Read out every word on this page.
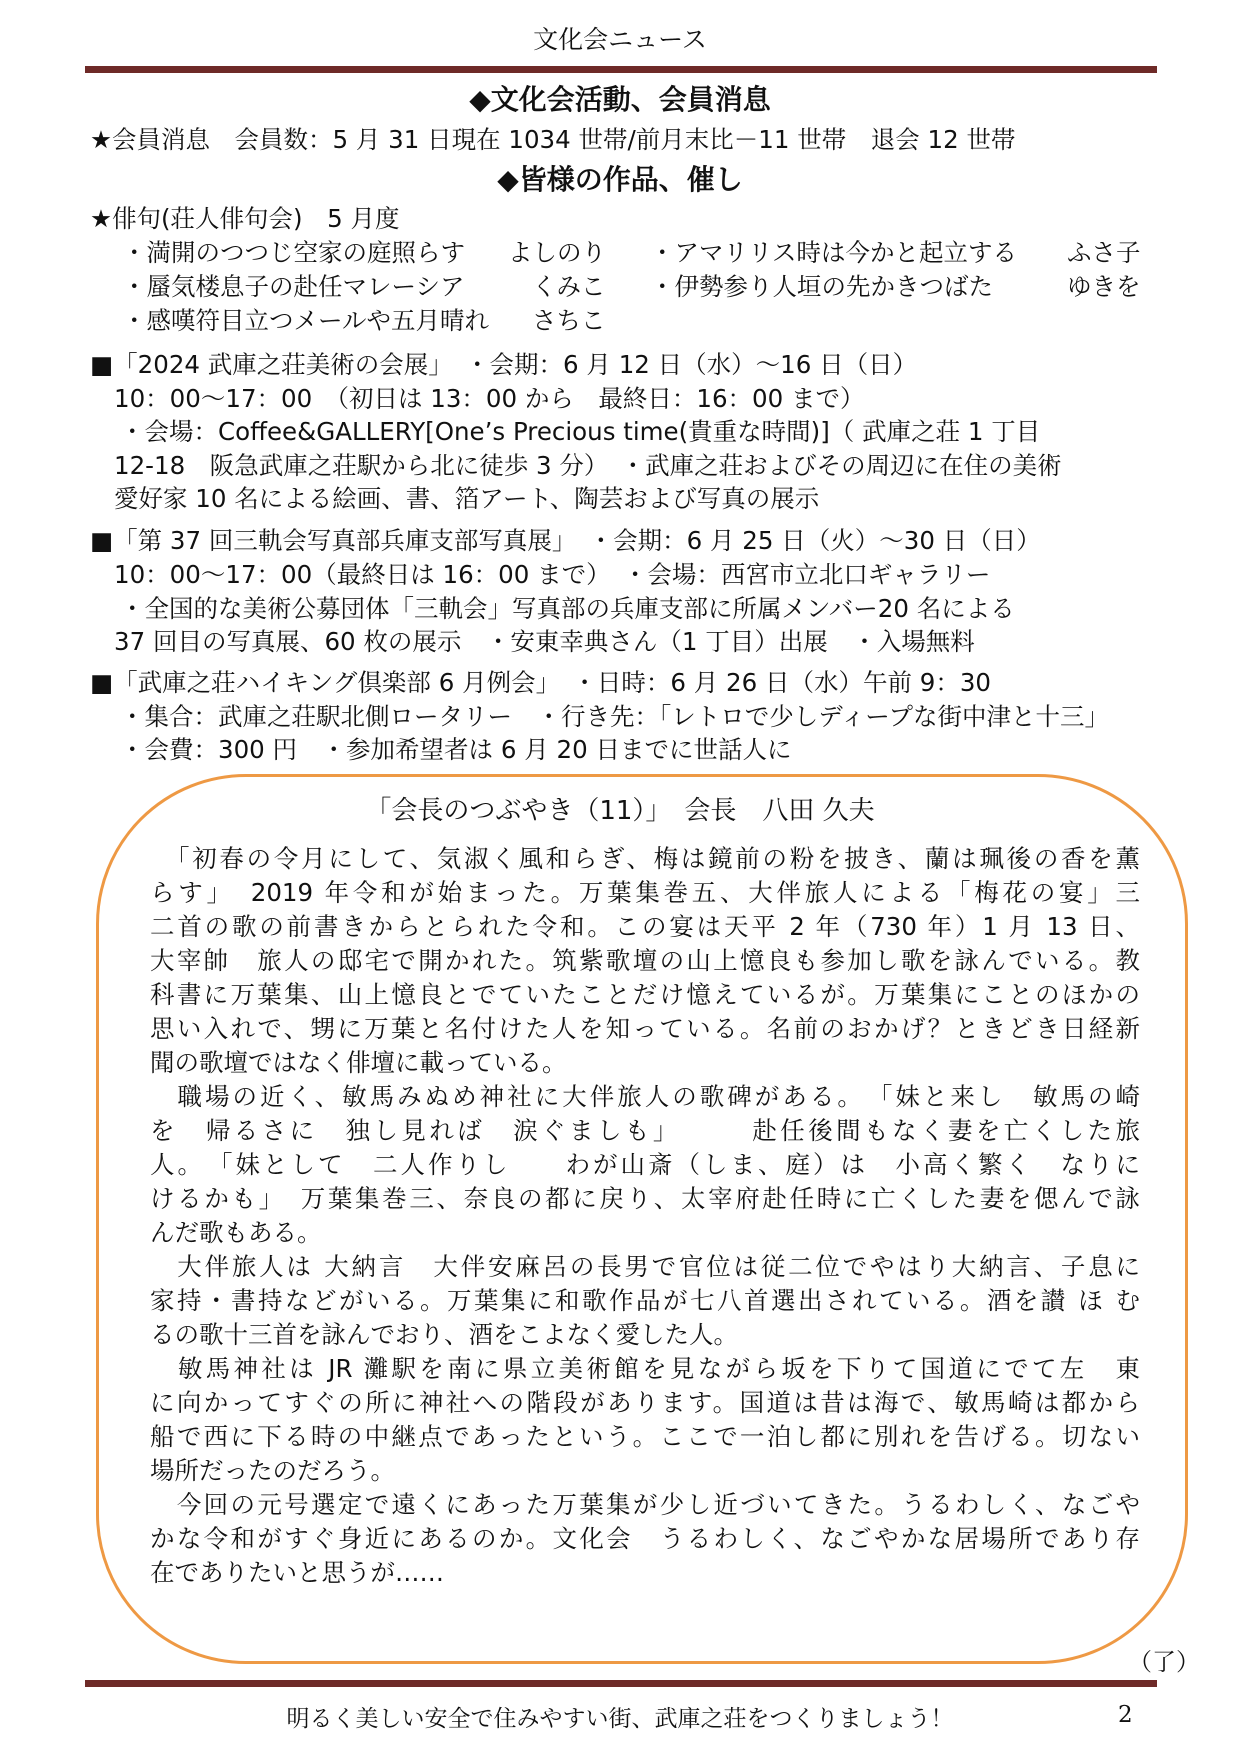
文化会ニュース
◆文化会活動、会員消息
★会員消息　会員数：5 月 31 日現在 1034 世帯/前月末比－11 世帯　退会 12 世帯
◆皆様の作品、催し
★俳句(荘人俳句会)　5 月度
・満開のつつじ空家の庭照らす よしのり ・アマリリス時は今かと起立する ふさ子
・蜃気楼息子の赴任マレーシア	くみこ ・伊勢参り人垣の先かきつばた	ゆきを
・感嘆符目立つメールや五月晴れ さちこ
■「2024 武庫之荘美術の会展」　・会期：6 月 12 日（水）～16 日（日）
10：00～17：00　（初日は 13：00 から　最終日：16：00 まで）
・会場：Coffee&GALLERY[One’s Precious time(貴重な時間)]（ 武庫之荘 1 丁目
12-18　阪急武庫之荘駅から北に徒歩 3 分）　・武庫之荘およびその周辺に在住の美術
愛好家 10 名による絵画、書、箔アート、陶芸および写真の展示
■「第 37 回三軌会写真部兵庫支部写真展」　・会期：6 月 25 日（火）～30 日（日）
10：00～17：00（最終日は 16：00 まで）　・会場：西宮市立北口ギャラリー
・全国的な美術公募団体「三軌会」写真部の兵庫支部に所属メンバー20 名による
37 回目の写真展、60 枚の展示　・安東幸典さん（1 丁目）出展　・入場無料
■「武庫之荘ハイキング倶楽部 6 月例会」　・日時：6 月 26 日（水）午前 9：30
・集合：武庫之荘駅北側ロータリー　・行き先：「レトロで少しディープな街中津と十三」
・会費：300 円　・参加希望者は 6 月 20 日までに世話人に
「会長のつぶやき（11）」　会長　八田 久夫
　「初春の令月にして、気淑く風和らぎ、梅は鏡前の粉を披き、蘭は珮後の香を薫
らす」　2019 年令和が始まった。万葉集巻五、大伴旅人による「梅花の宴」三
二首の歌の前書きからとられた令和。この宴は天平 2 年（730 年）1 月 13 日、
大宰帥　旅人の邸宅で開かれた。筑紫歌壇の山上憶良も参加し歌を詠んでいる。教
科書に万葉集、山上憶良とでていたことだけ憶えているが。万葉集にことのほかの
思い入れで、甥に万葉と名付けた人を知っている。名前のおかげ？ときどき日経新
聞の歌壇ではなく俳壇に載っている。
　職場の近く、敏馬みぬめ神社に大伴旅人の歌碑がある。　「妹と来し　敏馬の崎
を　帰るさに　独し見れば　涙ぐましも」　　　赴任後間もなく妻を亡くした旅
人。　「妹として　二人作りし　　わが山斎（しま、庭）は　小高く繁く　なりに
けるかも」　万葉集巻三、奈良の都に戻り、太宰府赴任時に亡くした妻を偲んで詠
んだ歌もある。
　大伴旅人は 大納言　大伴安麻呂の長男で官位は従二位でやはり大納言、子息に
家持・書持などがいる。万葉集に和歌作品が七八首選出されている。酒を讃 ほ む
るの歌十三首を詠んでおり、酒をこよなく愛した人。
　敏馬神社は JR 灘駅を南に県立美術館を見ながら坂を下りて国道にでて左　東
に向かってすぐの所に神社への階段があります。国道は昔は海で、敏馬崎は都から
船で西に下る時の中継点であったという。ここで一泊し都に別れを告げる。切ない
場所だったのだろう。
　今回の元号選定で遠くにあった万葉集が少し近づいてきた。うるわしく、なごや
かな令和がすぐ身近にあるのか。文化会　うるわしく、なごやかな居場所であり存
在でありたいと思うが……
（了）
明るく美しい安全で住みやすい街、武庫之荘をつくりましょう！	2
